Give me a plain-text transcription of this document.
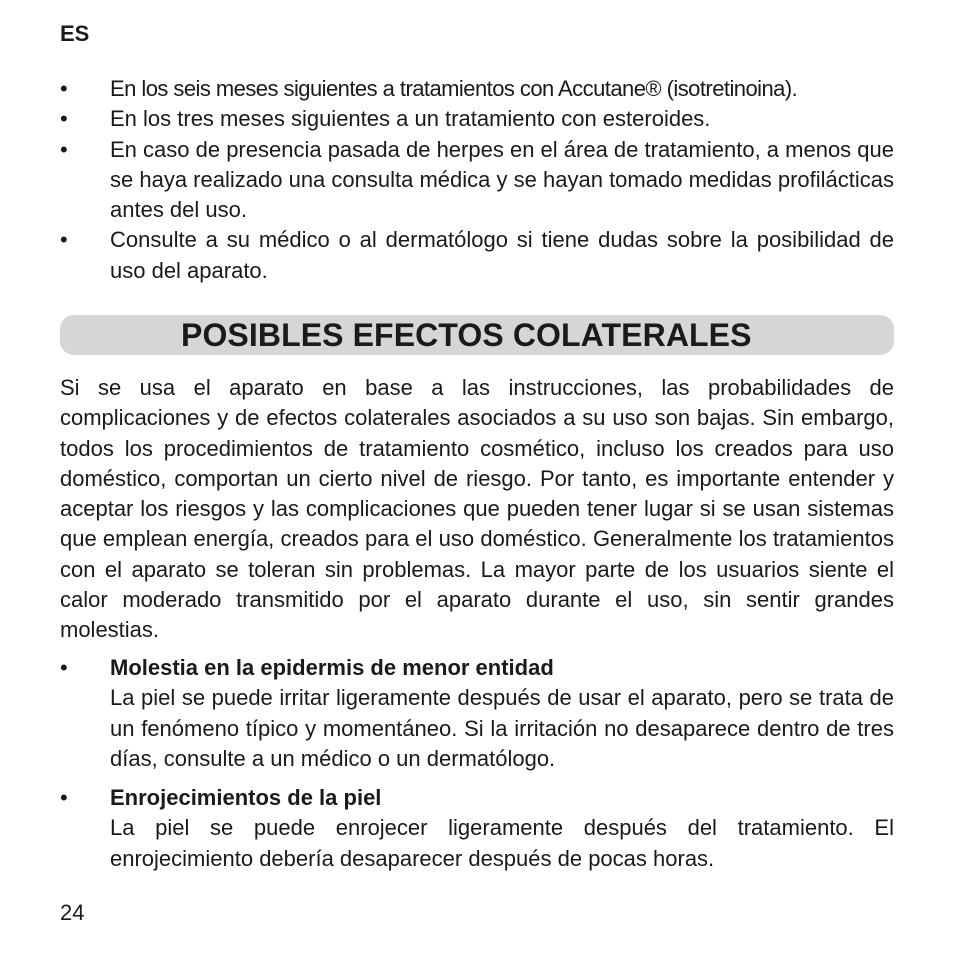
ES
• En los seis meses siguientes a tratamientos con Accutane® (isotretinoina).
• En los tres meses siguientes a un tratamiento con esteroides.
• En caso de presencia pasada de herpes en el área de tratamiento, a menos que se haya realizado una consulta médica y se hayan tomado medidas profilácticas antes del uso.
• Consulte a su médico o al dermatólogo si tiene dudas sobre la posibilidad de uso del aparato.
POSIBLES EFECTOS COLATERALES
Si se usa el aparato en base a las instrucciones, las probabilidades de complicaciones y de efectos colaterales asociados a su uso son bajas. Sin embargo, todos los procedimientos de tratamiento cosmético, incluso los creados para uso doméstico, comportan un cierto nivel de riesgo. Por tanto, es importante entender y aceptar los riesgos y las complicaciones que pueden tener lugar si se usan sistemas que emplean energía, creados para el uso doméstico. Generalmente los tratamientos con el aparato se toleran sin problemas. La mayor parte de los usuarios siente el calor moderado transmitido por el aparato durante el uso, sin sentir grandes molestias.
• Molestia en la epidermis de menor entidad
La piel se puede irritar ligeramente después de usar el aparato, pero se trata de un fenómeno típico y momentáneo. Si la irritación no desaparece dentro de tres días, consulte a un médico o un dermatólogo.
• Enrojecimientos de la piel
La piel se puede enrojecer ligeramente después del tratamiento. El enrojecimiento debería desaparecer después de pocas horas.
24
